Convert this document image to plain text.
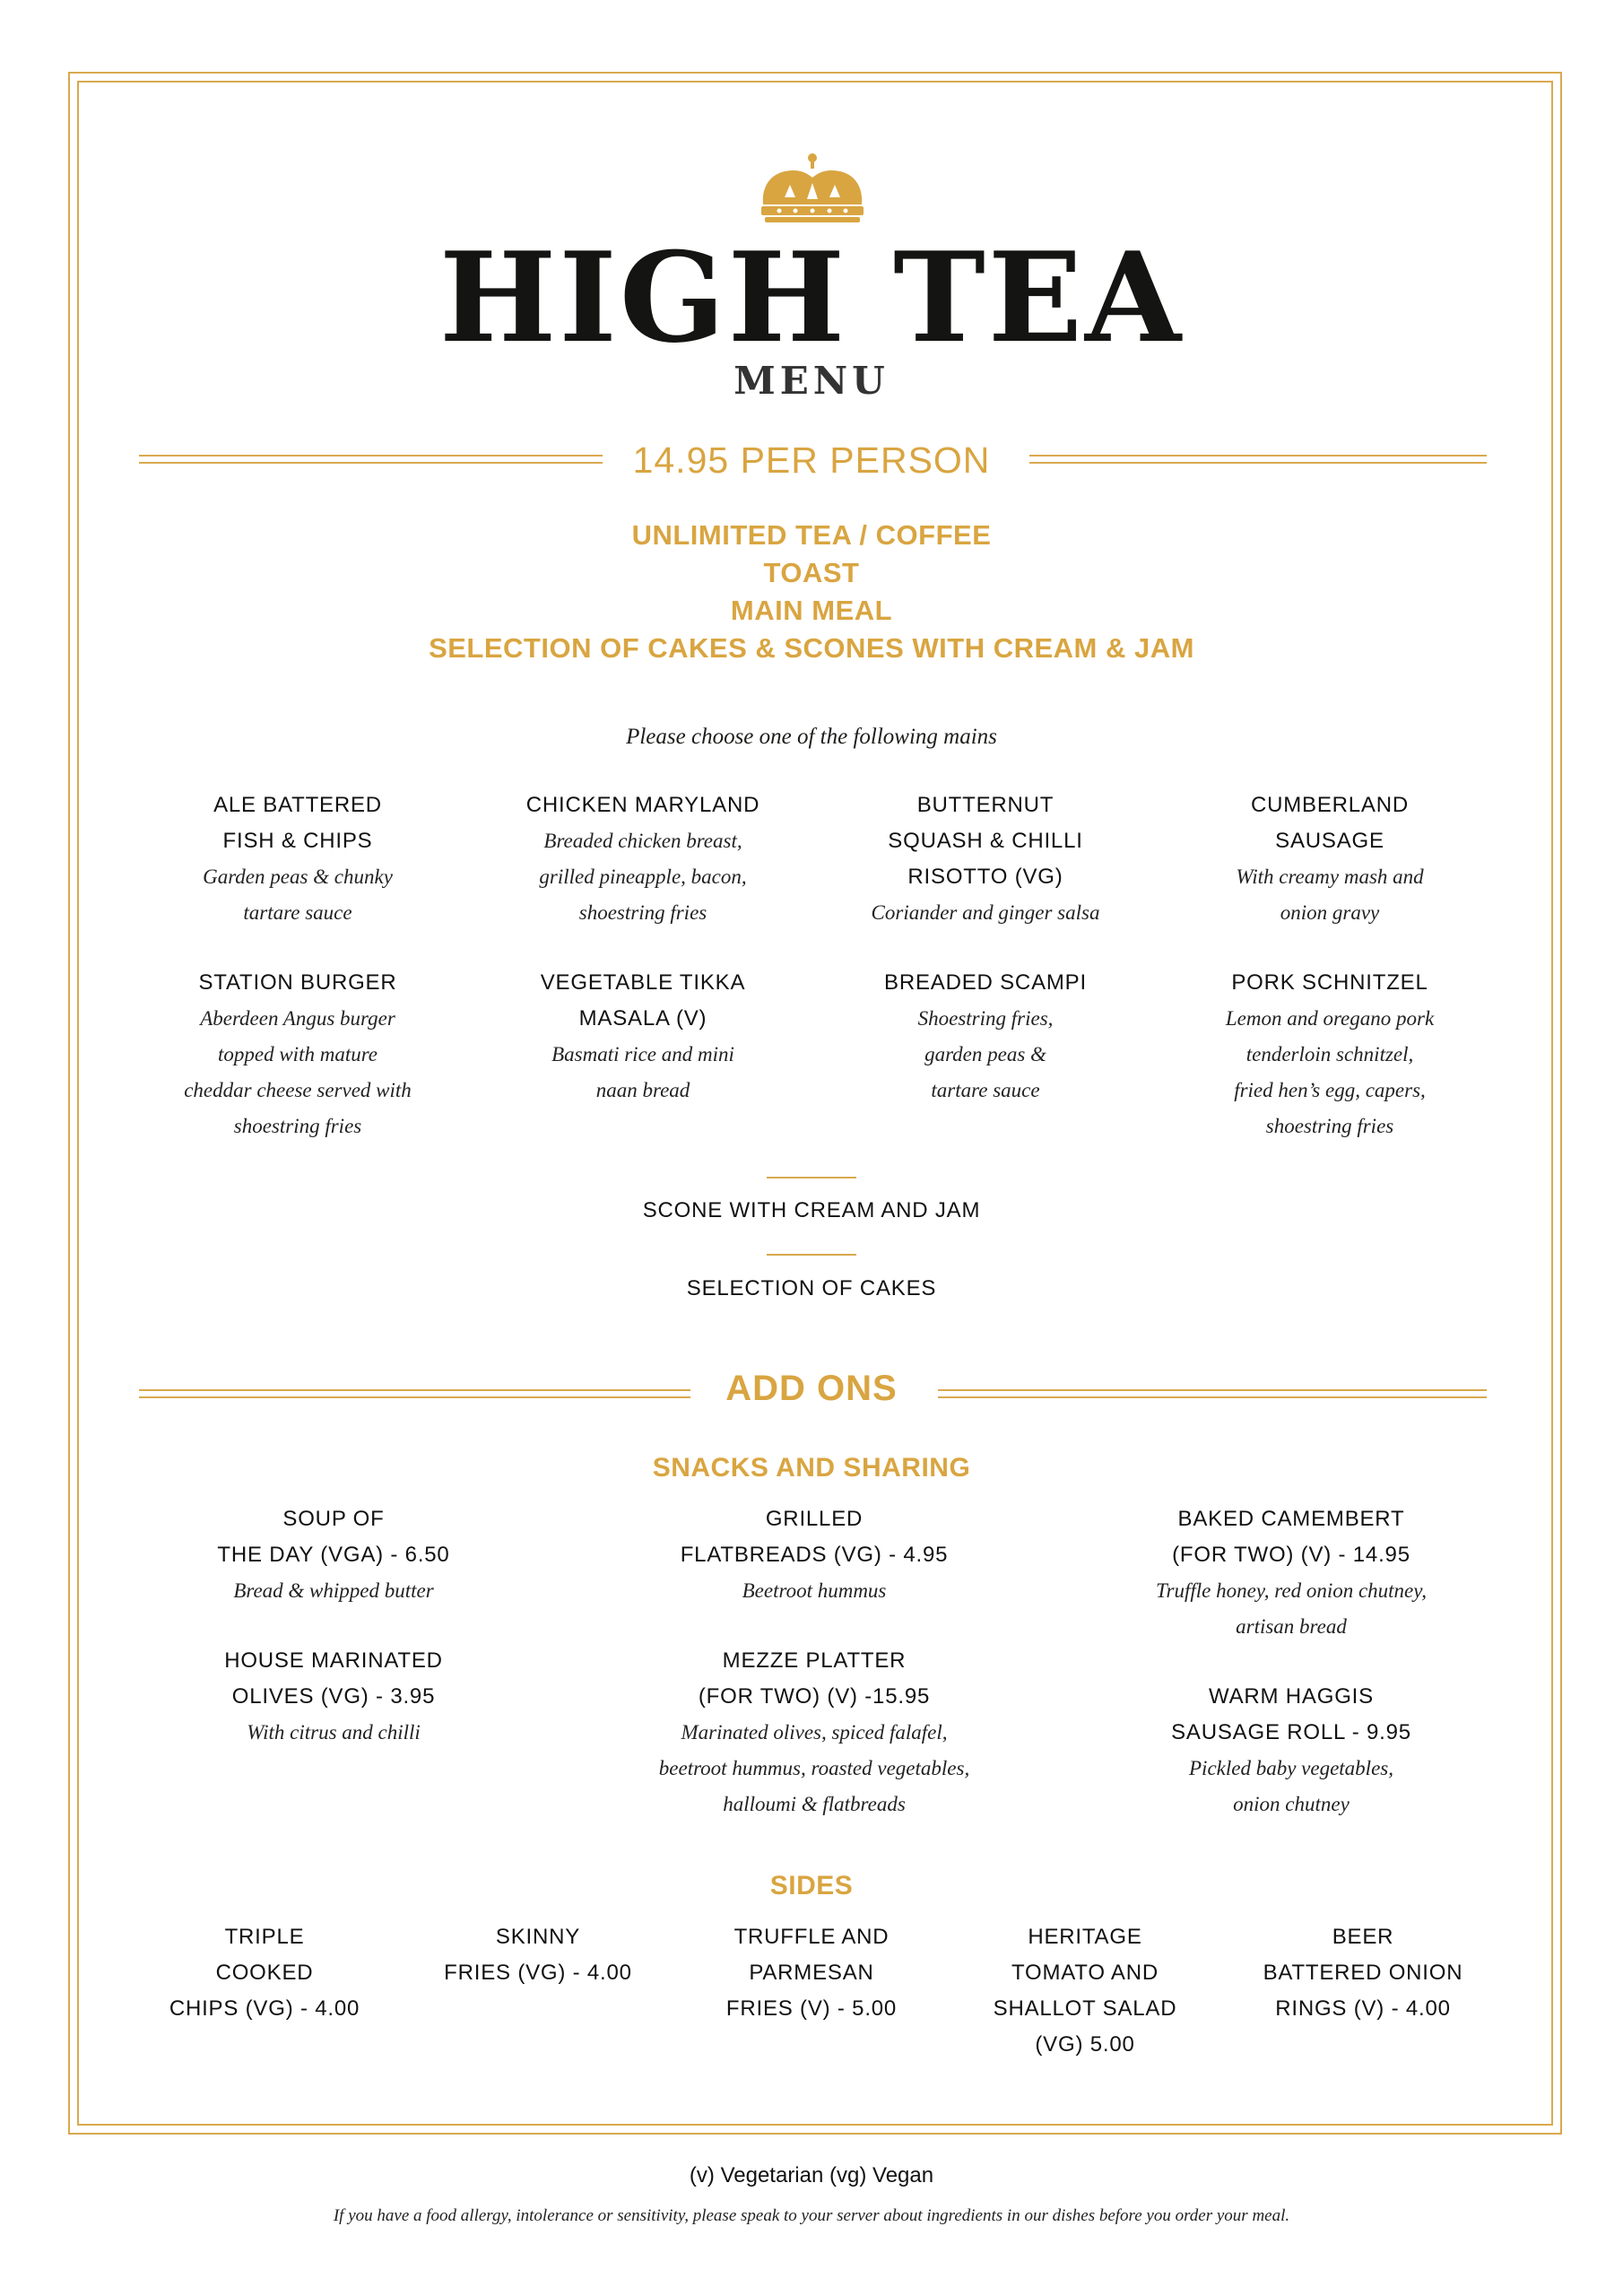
HIGH TEA
MENU
14.95 PER PERSON
UNLIMITED TEA / COFFEE
TOAST
MAIN MEAL
SELECTION OF CAKES & SCONES WITH CREAM & JAM
Please choose one of the following mains
ALE BATTERED
FISH & CHIPS
Garden peas & chunky
tartare sauce
CHICKEN MARYLAND
Breaded chicken breast,
grilled pineapple, bacon,
shoestring fries
BUTTERNUT
SQUASH & CHILLI
RISOTTO (VG)
Coriander and ginger salsa
CUMBERLAND
SAUSAGE
With creamy mash and
onion gravy
STATION BURGER
Aberdeen Angus burger
topped with mature
cheddar cheese served with
shoestring fries
VEGETABLE TIKKA
MASALA (V)
Basmati rice and mini
naan bread
BREADED SCAMPI
Shoestring fries,
garden peas &
tartare sauce
PORK SCHNITZEL
Lemon and oregano pork
tenderloin schnitzel,
fried hen’s egg, capers,
shoestring fries
SCONE WITH CREAM AND JAM
SELECTION OF CAKES
ADD ONS
SNACKS AND SHARING
SOUP OF
THE DAY (VGA) - 6.50
Bread & whipped butter
GRILLED
FLATBREADS (VG) - 4.95
Beetroot hummus
BAKED CAMEMBERT
(FOR TWO) (V) - 14.95
Truffle honey, red onion chutney,
artisan bread
HOUSE MARINATED
OLIVES (VG) - 3.95
With citrus and chilli
MEZZE PLATTER
(FOR TWO) (V) -15.95
Marinated olives, spiced falafel,
beetroot hummus, roasted vegetables,
halloumi & flatbreads
WARM HAGGIS
SAUSAGE ROLL - 9.95
Pickled baby vegetables,
onion chutney
SIDES
TRIPLE
COOKED
CHIPS (VG) - 4.00
SKINNY
FRIES (VG) - 4.00
TRUFFLE AND
PARMESAN
FRIES (V) - 5.00
HERITAGE
TOMATO AND
SHALLOT SALAD
(VG) 5.00
BEER
BATTERED ONION
RINGS (V) - 4.00
(v) Vegetarian (vg) Vegan
If you have a food allergy, intolerance or sensitivity, please speak to your server about ingredients in our dishes before you order your meal.
